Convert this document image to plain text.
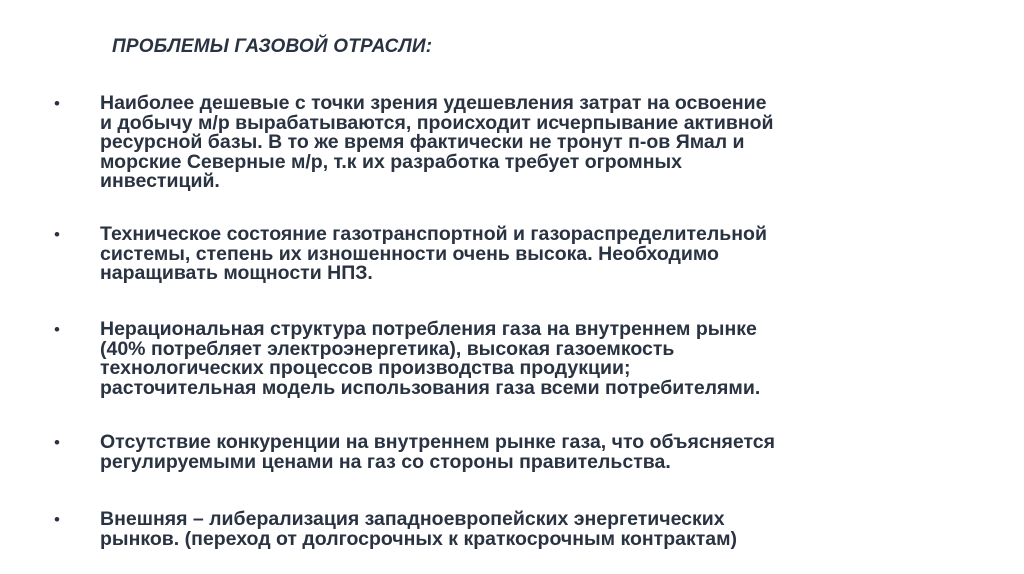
ПРОБЛЕМЫ ГАЗОВОЙ ОТРАСЛИ:
• Наиболее дешевые с точки зрения удешевления затрат на освоение
и добычу м/р вырабатываются, происходит исчерпывание активной
ресурсной базы. В то же время фактически не тронут п-ов Ямал и
морские Северные м/р, т.к их разработка требует огромных
инвестиций.
• Техническое состояние газотранспортной и газораспределительной
системы, степень их изношенности очень высока. Необходимо
наращивать мощности НПЗ.
• Нерациональная структура потребления газа на внутреннем рынке
(40% потребляет электроэнергетика), высокая газоемкость
технологических процессов производства продукции;
расточительная модель использования газа всеми потребителями.
• Отсутствие конкуренции на внутреннем рынке газа, что объясняется
регулируемыми ценами на газ со стороны правительства.
• Внешняя – либерализация западноевропейских энергетических
рынков. (переход от долгосрочных к краткосрочным контрактам)
